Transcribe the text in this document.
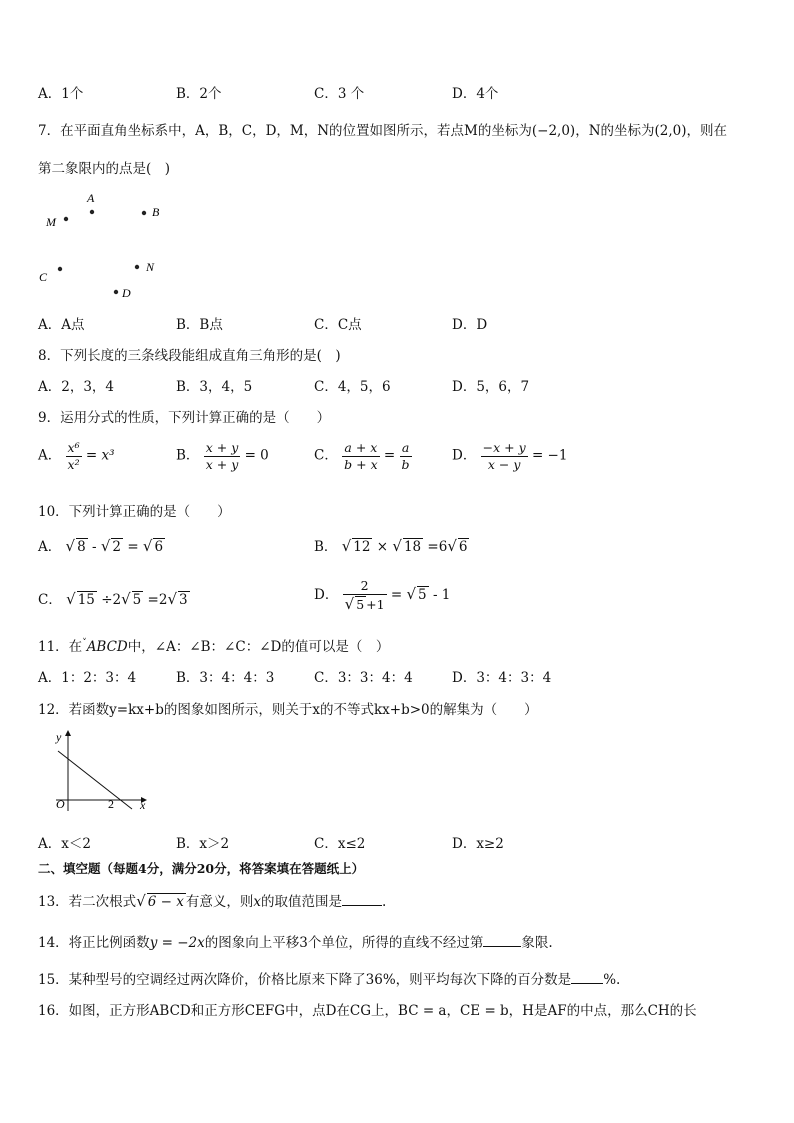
A．1个	B．2个	C．3 个	D．4个
7．在平面直角坐标系中，A，B，C，D，M，N的位置如图所示，若点M的坐标为(−2,0)，N的坐标为(2,0)，则在
第二象限内的点是(　)
A
B
M
C
N
D
A．A点	B．B点	C．C点	D．D
8．下列长度的三条线段能组成直角三角形的是(　)
A．2，3，4	B．3，4，5	C．4，5，6	D．5，6，7
9．运用分式的性质，下列计算正确的是（　　）
A． $\frac{\text{x⁶}}{\text{x²}} = x^3$	B． $\frac{x + y}{x + y} = 0$	C． $\frac{a + x}{b + x} = \frac{a}{b}$	D． $\frac{-x + y}{x - y} = -1$
10．下列计算正确的是（　　）
A． √ 8 - √ 2 = √ 6	B． √ 12 × √ 18 =6√ 6
C． √ 15 ÷2√ 5 =2√ 3	D． $\frac{2}{√ 5 +1}$ = √ 5 - 1
11．在˅ABCD中，∠A：∠B：∠C：∠D的值可以是（　）
A．1：2：3：4	B．3：4：4：3	C．3：3：4：4	D．3：4：3：4
12．若函数y=kx+b的图象如图所示，则关于x的不等式kx+b>0的解集为（　　）
y
x
O	2
A．x＜2	B．x＞2	C．x≤2	D．x≥2
二、填空题（每题4分，满分20分，将答案填在答题纸上）
13．若二次根式√ 6 − x 有意义，则x的取值范围是	.
14．将正比例函数y = −2x的图象向上平移3个单位，所得的直线不经过第	象限.
15．某种型号的空调经过两次降价，价格比原来下降了36%，则平均每次下降的百分数是 %.
16．如图，正方形ABCD和正方形CEFG中，点D在CG上，BC = a，CE = b，H是AF的中点，那么CH的长
